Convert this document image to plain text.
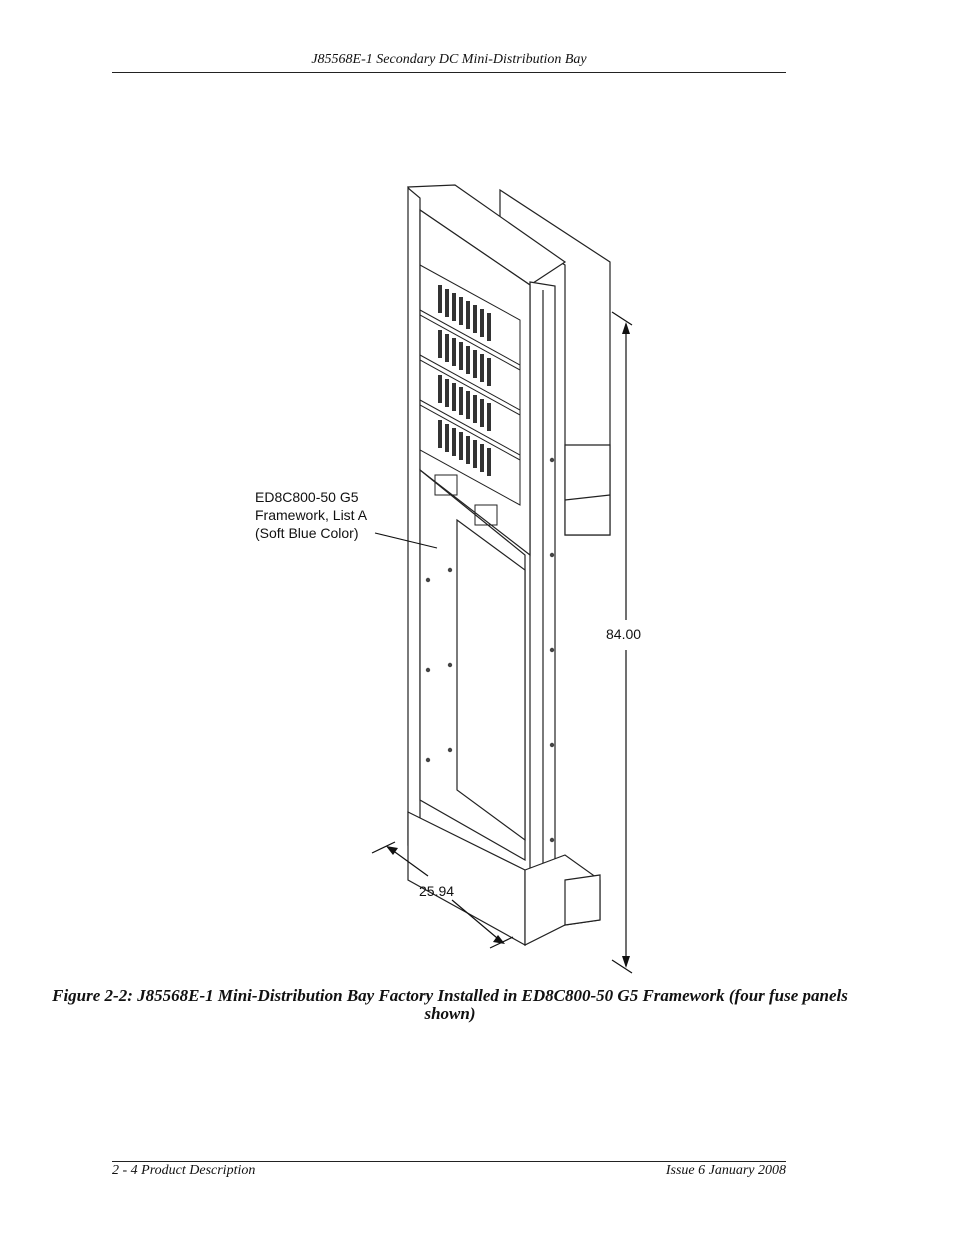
J85568E-1 Secondary DC Mini-Distribution Bay
84.00
25.94
ED8C800-50 G5
Framework, List A
(Soft Blue Color)
Figure 2-2: J85568E-1 Mini-Distribution Bay Factory Installed in ED8C800-50 G5 Framework (four fuse panels shown)
2 - 4 Product Description	Issue 6 January 2008
